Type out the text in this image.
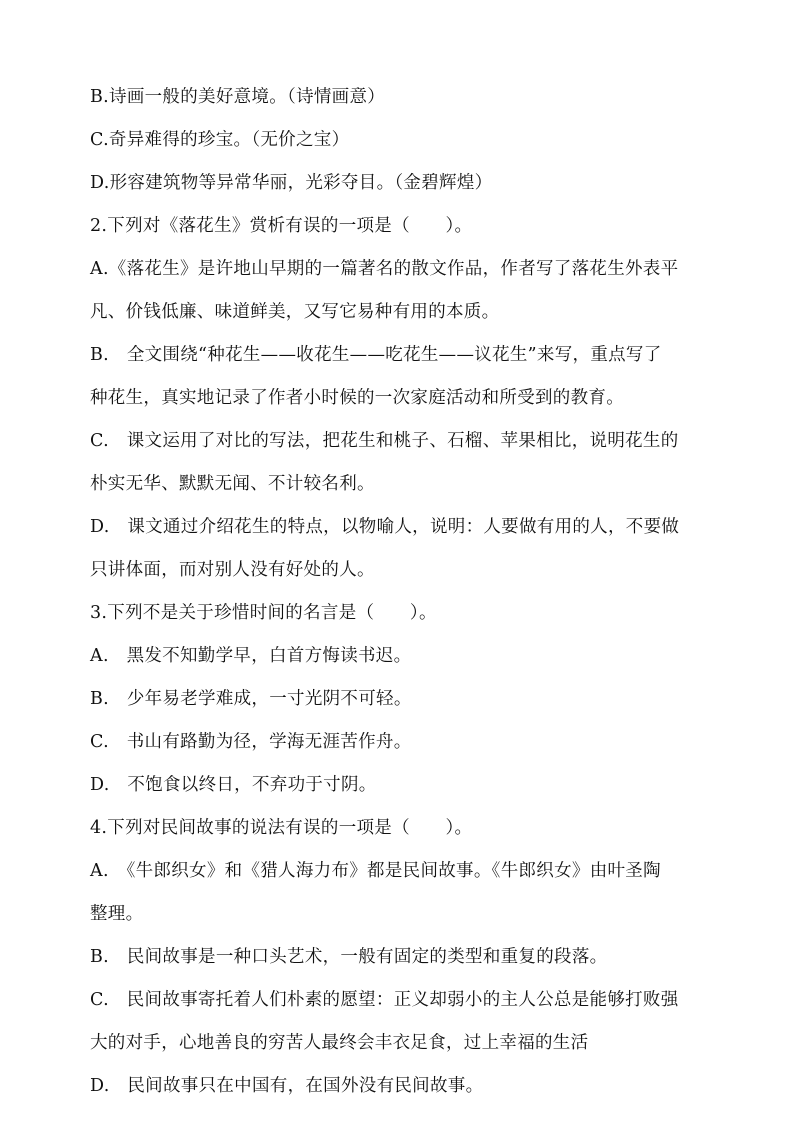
B.诗画一般的美好意境。（诗情画意）
C.奇异难得的珍宝。（无价之宝）
D.形容建筑物等异常华丽，光彩夺目。（金碧辉煌）
2.下列对《落花生》赏析有误的一项是（　　）。
A.《落花生》是许地山早期的一篇著名的散文作品，作者写了落花生外表平
凡、价钱低廉、味道鲜美，又写它易种有用的本质。
B.　全文围绕“种花生——收花生——吃花生——议花生”来写，重点写了
种花生，真实地记录了作者小时候的一次家庭活动和所受到的教育。
C.　课文运用了对比的写法，把花生和桃子、石榴、苹果相比，说明花生的
朴实无华、默默无闻、不计较名利。
D.　课文通过介绍花生的特点，以物喻人，说明：人要做有用的人，不要做
只讲体面，而对别人没有好处的人。
3.下列不是关于珍惜时间的名言是（　　）。
A.　黑发不知勤学早，白首方悔读书迟。
B.　少年易老学难成，一寸光阴不可轻。
C.　书山有路勤为径，学海无涯苦作舟。
D.　不饱食以终日，不弃功于寸阴。
4.下列对民间故事的说法有误的一项是（　　）。
A.　《牛郎织女》和《猎人海力布》都是民间故事。《牛郎织女》由叶圣陶
整理。
B.　民间故事是一种口头艺术，一般有固定的类型和重复的段落。
C.　民间故事寄托着人们朴素的愿望：正义却弱小的主人公总是能够打败强
大的对手，心地善良的穷苦人最终会丰衣足食，过上幸福的生活
D.　民间故事只在中国有，在国外没有民间故事。
